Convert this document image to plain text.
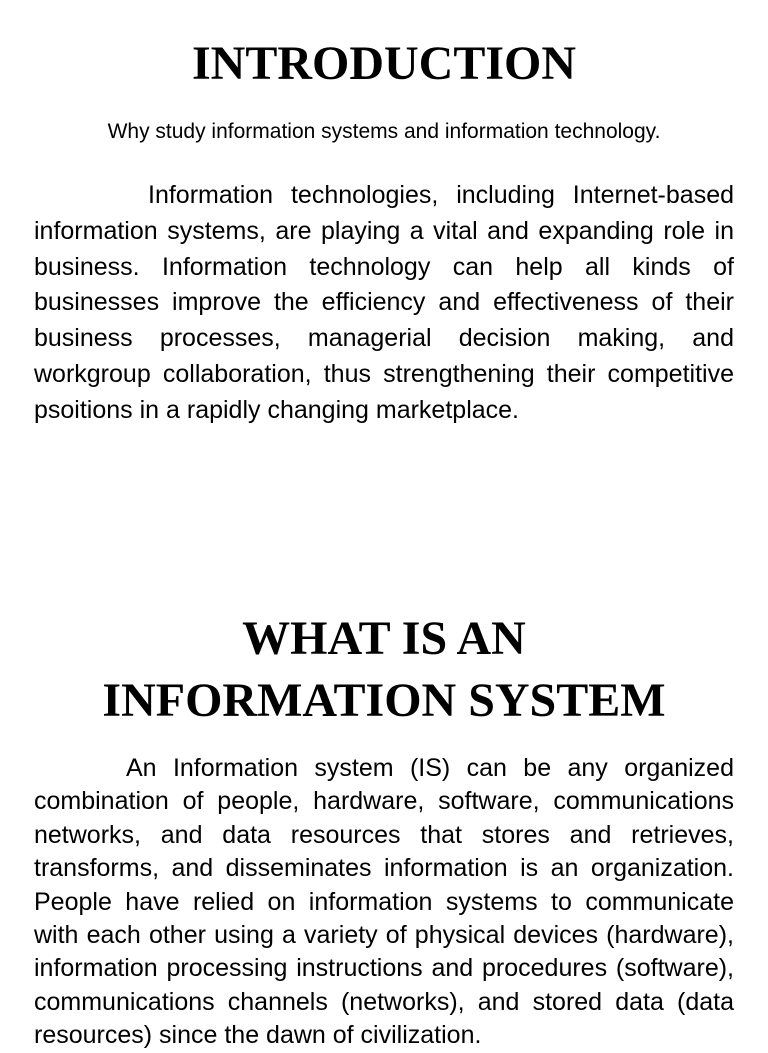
INTRODUCTION

Why study information systems and information technology.

Information technologies, including Internet-based information systems, are playing a vital and expanding role in business. Information technology can help all kinds of businesses improve the efficiency and effectiveness of their business processes, managerial decision making, and workgroup collaboration, thus strengthening their competitive psoitions in a rapidly changing marketplace.

WHAT IS AN
INFORMATION SYSTEM

An Information system (IS) can be any organized combination of people, hardware, software, communications networks, and data resources that stores and retrieves, transforms, and disseminates information is an organization. People have relied on information systems to communicate with each other using a variety of physical devices (hardware), information processing instructions and procedures (software), communications channels (networks), and stored data (data resources) since the dawn of civilization.
